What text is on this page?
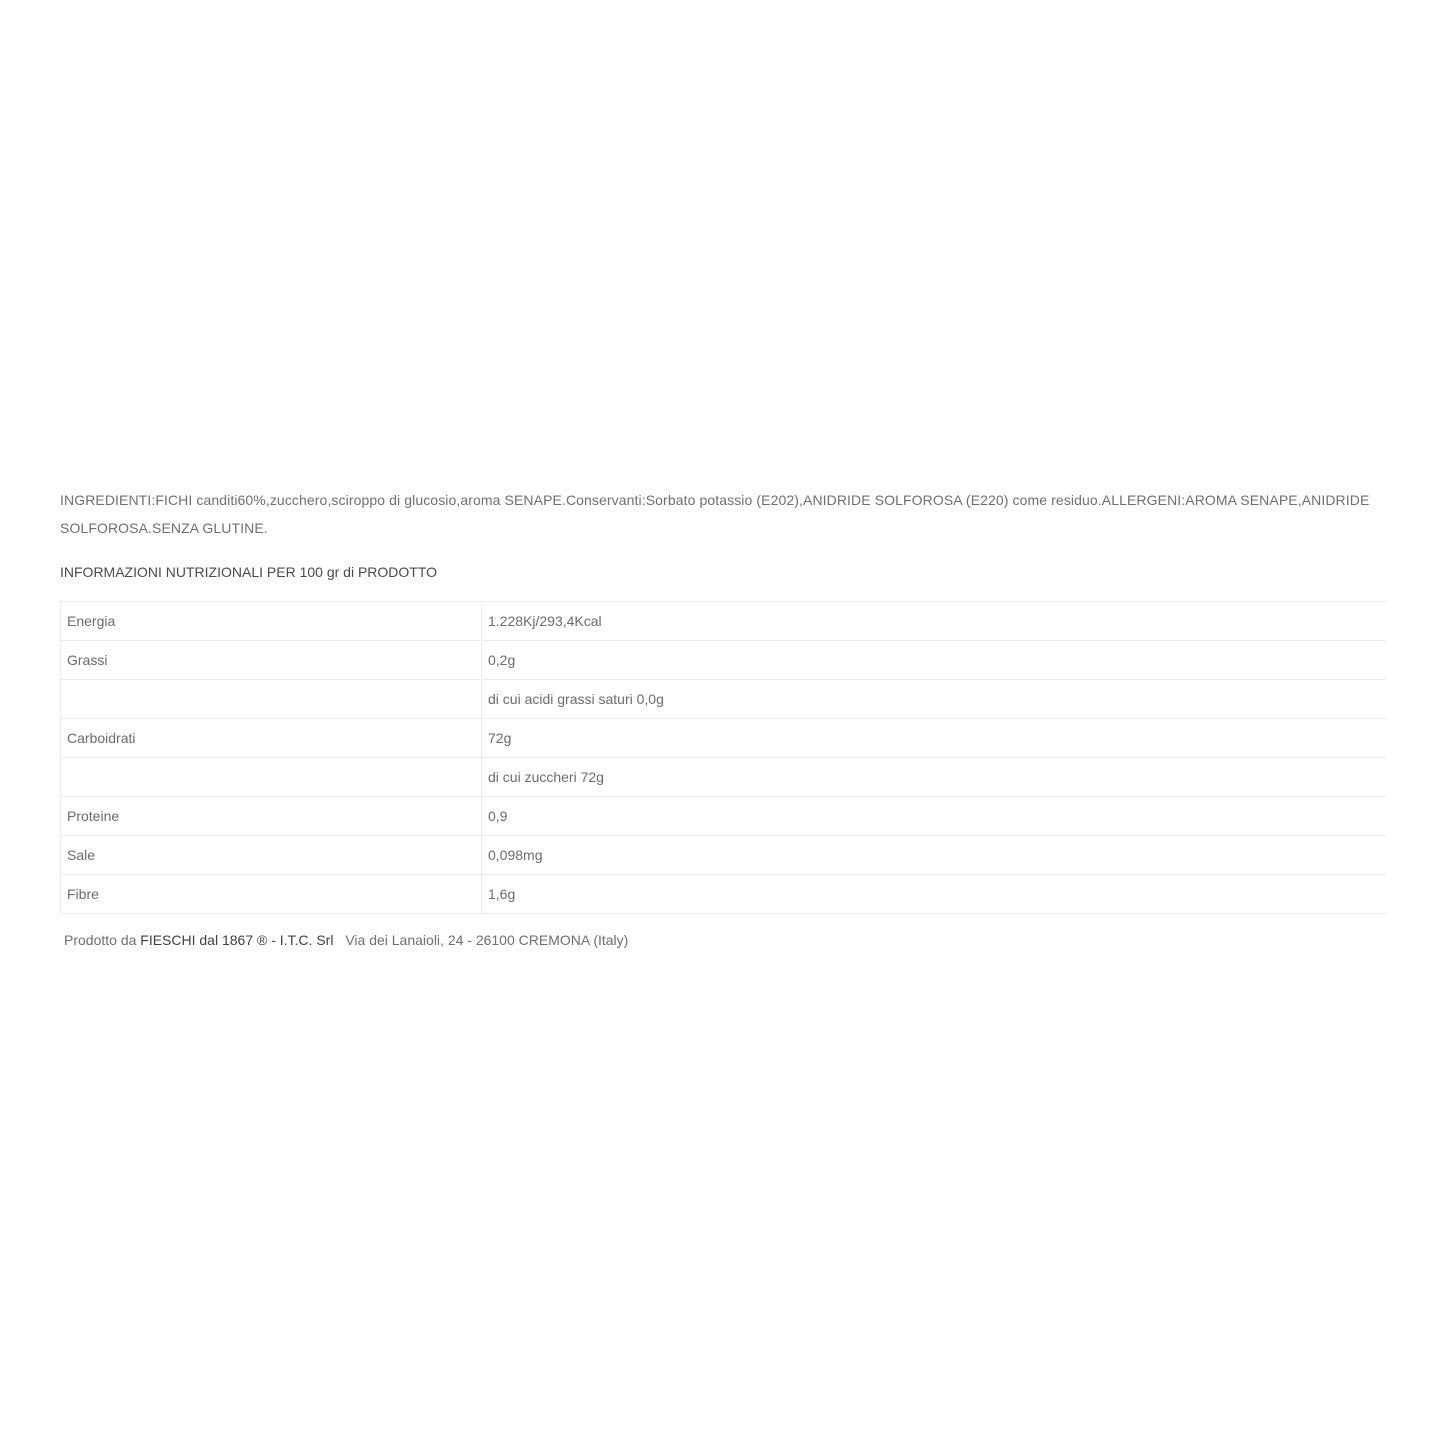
INGREDIENTI:FICHI canditi60%,zucchero,sciroppo di glucosio,aroma SENAPE.Conservanti:Sorbato potassio (E202),ANIDRIDE SOLFOROSA (E220) come residuo.ALLERGENI:AROMA SENAPE,ANIDRIDE SOLFOROSA.SENZA GLUTINE.

INFORMAZIONI NUTRIZIONALI PER 100 gr di PRODOTTO
Energia	1.228Kj/293,4Kcal
Grassi	0,2g
	di cui acidi grassi saturi 0,0g
Carboidrati	72g
	di cui zuccheri 72g
Proteine	0,9
Sale	0,098mg
Fibre	1,6g

Prodotto da FIESCHI dal 1867 ® - I.T.C. Srl Via dei Lanaioli, 24 - 26100 CREMONA (Italy)
